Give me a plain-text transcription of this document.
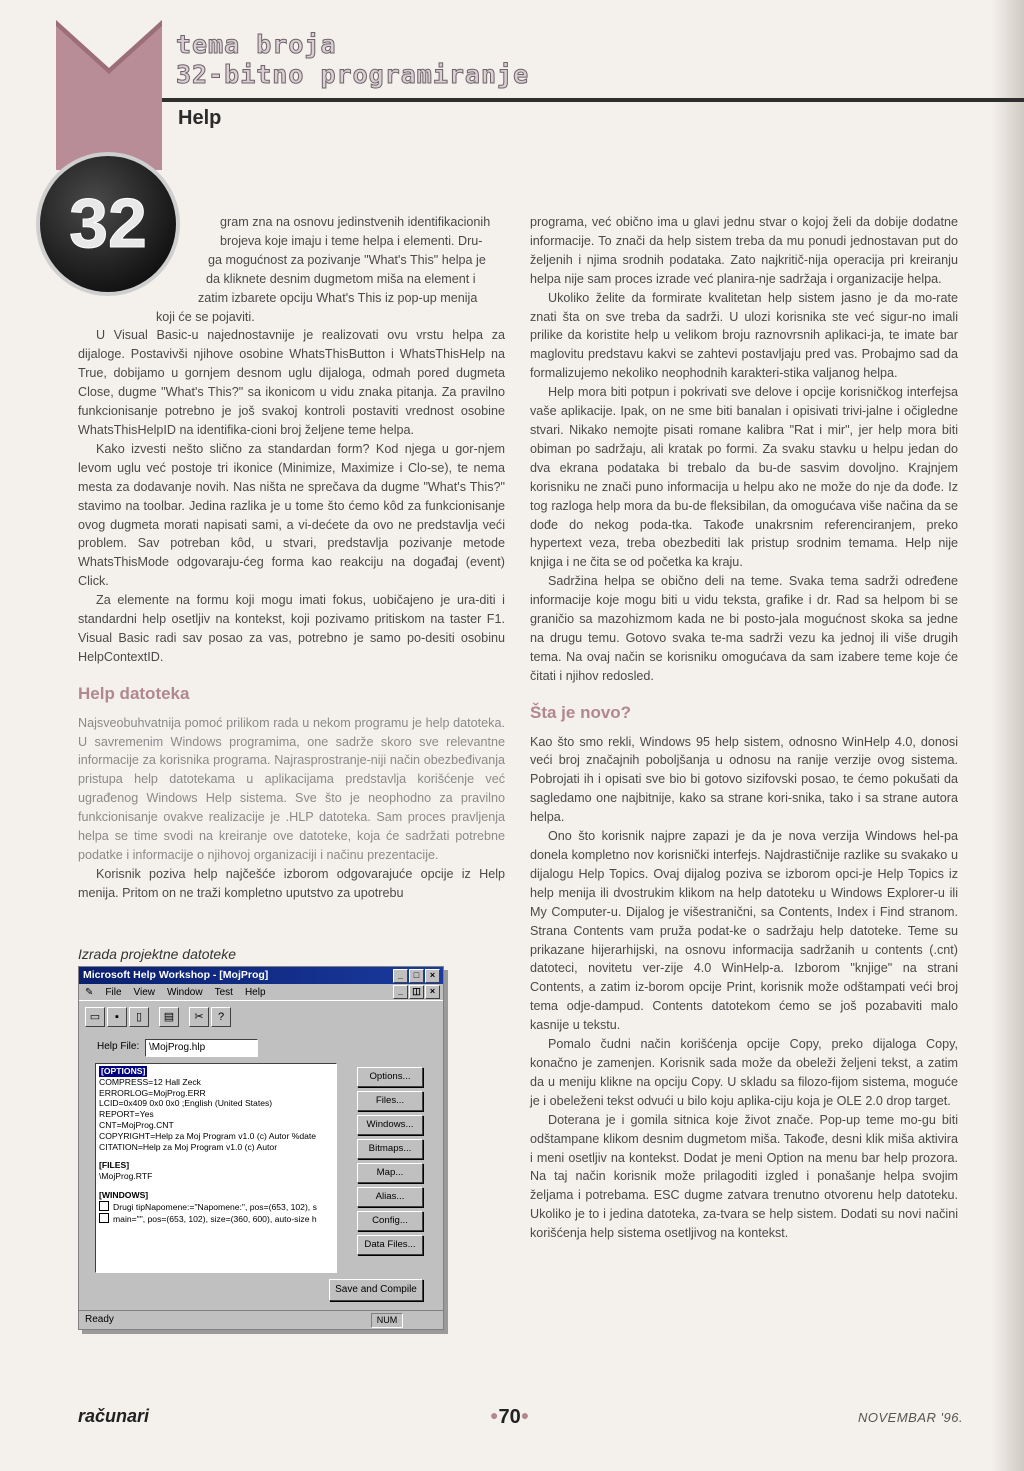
tema broja
32-bitno programiranje
Help
32	gram zna na osnovu jedinstvenih identifikacionih

brojeva koje imaju i teme helpa i elementi. Dru-

ga mogućnost za pozivanje "What's This" helpa je

da kliknete desnim dugmetom miša na element i

zatim izbarete opciju What's This iz pop-up menija

koji će se pojaviti.

U Visual Basic-u najednostavnije je realizovati ovu vrstu helpa za dijaloge. Postavivši njihove osobine WhatsThisButton i WhatsThisHelp na True, dobijamo u gornjem desnom uglu dijaloga, odmah pored dugmeta Close, dugme "What's This?" sa ikonicom u vidu znaka pitanja. Za pravilno funkcionisanje potrebno je još svakoj kontroli postaviti vrednost osobine WhatsThisHelpID na identifika-cioni broj željene teme helpa.

Kako izvesti nešto slično za standardan form? Kod njega u gor-njem levom uglu već postoje tri ikonice (Minimize, Maximize i Clo-se), te nema mesta za dodavanje novih. Nas ništa ne sprečava da dugme "What's This?" stavimo na toolbar. Jedina razlika je u tome što ćemo kôd za funkcionisanje ovog dugmeta morati napisati sami, a vi-dećete da ovo ne predstavlja veći problem. Sav potreban kôd, u stvari, predstavlja pozivanje metode WhatsThisMode odgovaraju-ćeg forma kao reakciju na događaj (event) Click.

Za elemente na formu koji mogu imati fokus, uobičajeno je ura-diti i standardni help osetljiv na kontekst, koji pozivamo pritiskom na taster F1. Visual Basic radi sav posao za vas, potrebno je samo po-desiti osobinu HelpContextID.

Help datoteka

Najsveobuhvatnija pomoć prilikom rada u nekom programu je help datoteka. U savremenim Windows programima, one sadrže skoro sve relevantne informacije za korisnika programa. Najrasprostranje-niji način obezbeđivanja pristupa help datotekama u aplikacijama predstavlja korišćenje već ugrađenog Windows Help sistema. Sve što je neophodno za pravilno funkcionisanje ovakve realizacije je .HLP datoteka. Sam proces pravljenja helpa se time svodi na kreiranje ove datoteke, koja će sadržati potrebne podatke i informacije o njihovoj organizaciji i načinu prezentacije.

Korisnik poziva help najčešće izborom odgovarajuće opcije iz Help menija. Pritom on ne traži kompletno uputstvo za upotrebu

programa, već obično ima u glavi jednu stvar o kojoj želi da dobije dodatne informacije. To znači da help sistem treba da mu ponudi jednostavan put do željenih i njima srodnih podataka. Zato najkritič-nija operacija pri kreiranju helpa nije sam proces izrade već planira-nje sadržaja i organizacije helpa.

Ukoliko želite da formirate kvalitetan help sistem jasno je da mo-rate znati šta on sve treba da sadrži. U ulozi korisnika ste već sigur-no imali prilike da koristite help u velikom broju raznovrsnih aplikaci-ja, te imate bar maglovitu predstavu kakvi se zahtevi postavljaju pred vas. Probajmo sad da formalizujemo nekoliko neophodnih karakteri-stika valjanog helpa.

Help mora biti potpun i pokrivati sve delove i opcije korisničkog interfejsa vaše aplikacije. Ipak, on ne sme biti banalan i opisivati trivi-jalne i očigledne stvari. Nikako nemojte pisati romane kalibra "Rat i mir", jer help mora biti obiman po sadržaju, ali kratak po formi. Za svaku stavku u helpu jedan do dva ekrana podataka bi trebalo da bu-de sasvim dovoljno. Krajnjem korisniku ne znači puno informacija u helpu ako ne može do nje da dođe. Iz tog razloga help mora da bu-de fleksibilan, da omogućava više načina da se dođe do nekog poda-tka. Takođe unakrsnim referenciranjem, preko hypertext veza, treba obezbediti lak pristup srodnim temama. Help nije knjiga i ne čita se od početka ka kraju.

Sadržina helpa se obično deli na teme. Svaka tema sadrži određene informacije koje mogu biti u vidu teksta, grafike i dr. Rad sa helpom bi se graničio sa mazohizmom kada ne bi posto-jala mogućnost skoka sa jedne na drugu temu. Gotovo svaka te-ma sadrži vezu ka jednoj ili više drugih tema. Na ovaj način se korisniku omogućava da sam izabere teme koje će čitati i njihov redosled.

Šta je novo?

Kao što smo rekli, Windows 95 help sistem, odnosno WinHelp 4.0, donosi veći broj značajnih poboljšanja u odnosu na ranije verzije ovog sistema. Pobrojati ih i opisati sve bio bi gotovo sizifovski posao, te ćemo pokušati da sagledamo one najbitnije, kako sa strane kori-snika, tako i sa strane autora helpa.

Ono što korisnik najpre zapazi je da je nova verzija Windows hel-pa donela kompletno nov korisnički interfejs. Najdrastičnije razlike su svakako u dijalogu Help Topics. Ovaj dijalog poziva se izborom opci-je Help Topics iz help menija ili dvostrukim klikom na help datoteku u Windows Explorer-u ili My Computer-u. Dijalog je višestranični, sa Contents, Index i Find stranom. Strana Contents vam pruža podat-ke o sadržaju help datoteke. Teme su prikazane hijerarhijski, na osnovu informacija sadržanih u contents (.cnt) datoteci, novitetu ver-zije 4.0 WinHelp-a. Izborom "knjige" na strani Contents, a zatim iz-borom opcije Print, korisnik može odštampati veći broj tema odje-dampud. Contents datotekom ćemo se još pozabaviti malo kasnije u tekstu.

Pomalo čudni način korišćenja opcije Copy, preko dijaloga Copy, konačno je zamenjen. Korisnik sada može da obeleži željeni tekst, a zatim da u meniju klikne na opciju Copy. U skladu sa filozo-fijom sistema, moguće je i obeleženi tekst odvući u bilo koju aplika-ciju koja je OLE 2.0 drop target.

Doterana je i gomila sitnica koje život znače. Pop-up teme mo-gu biti odštampane klikom desnim dugmetom miša. Takođe, desni klik miša aktivira i meni osetljiv na kontekst. Dodat je meni Option na menu bar help prozora. Na taj način korisnik može prilagoditi izgled i ponašanje helpa svojim željama i potrebama. ESC dugme zatvara trenutno otvorenu help datoteku. Ukoliko je to i jedina datoteka, za-tvara se help sistem. Dodati su novi načini korišćenja help sistema osetljivog na kontekst.

Izrada projektne datoteke
Microsoft Help Workshop - [MojProg]	_	□	×
✎ File View Window Test Help	_	◫	×
▭	▪	▯	▤	✂	?
Help File: \MojProg.hlp
[OPTIONS]
COMPRESS=12 Hall Zeck
ERRORLOG=MojProg.ERR
LCID=0x409 0x0 0x0 ;English (United States)
REPORT=Yes
CNT=MojProg.CNT
COPYRIGHT=Help za Moj Program v1.0 (c) Autor %date
CITATION=Help za Moj Program v1.0 (c) Autor
[FILES]
\MojProg.RTF
[WINDOWS]
Drugi tipNapomene:="Napomene:", pos=(653, 102), s
main="", pos=(653, 102), size=(360, 600), auto-size h
Options...
Files...
Windows...
Bitmaps...
Map...
Alias...
Config...
Data Files...
Save and Compile
Ready	NUM
računari	●70●	NOVEMBAR '96.
